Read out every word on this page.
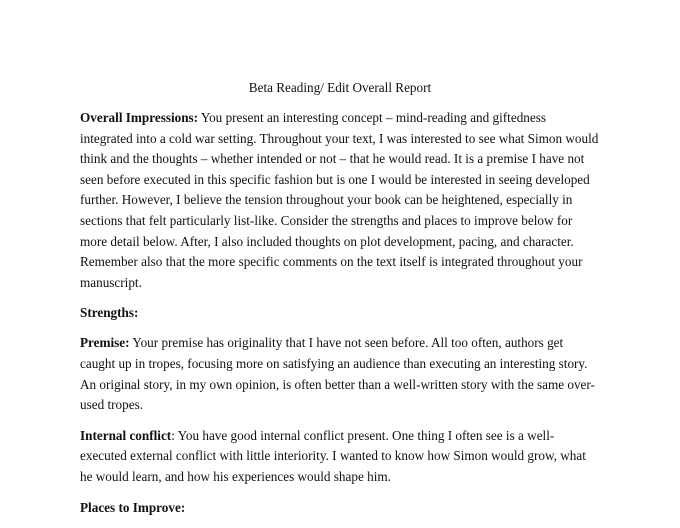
Beta Reading/ Edit Overall Report

Overall Impressions: You present an interesting concept – mind-reading and giftedness integrated into a cold war setting. Throughout your text, I was interested to see what Simon would think and the thoughts – whether intended or not – that he would read. It is a premise I have not seen before executed in this specific fashion but is one I would be interested in seeing developed further. However, I believe the tension throughout your book can be heightened, especially in sections that felt particularly list-like. Consider the strengths and places to improve below for more detail below. After, I also included thoughts on plot development, pacing, and character. Remember also that the more specific comments on the text itself is integrated throughout your manuscript.

Strengths:

Premise: Your premise has originality that I have not seen before. All too often, authors get caught up in tropes, focusing more on satisfying an audience than executing an interesting story. An original story, in my own opinion, is often better than a well-written story with the same over-used tropes.

Internal conflict: You have good internal conflict present. One thing I often see is a well-executed external conflict with little interiority. I wanted to know how Simon would grow, what he would learn, and how his experiences would shape him.

Places to Improve:
